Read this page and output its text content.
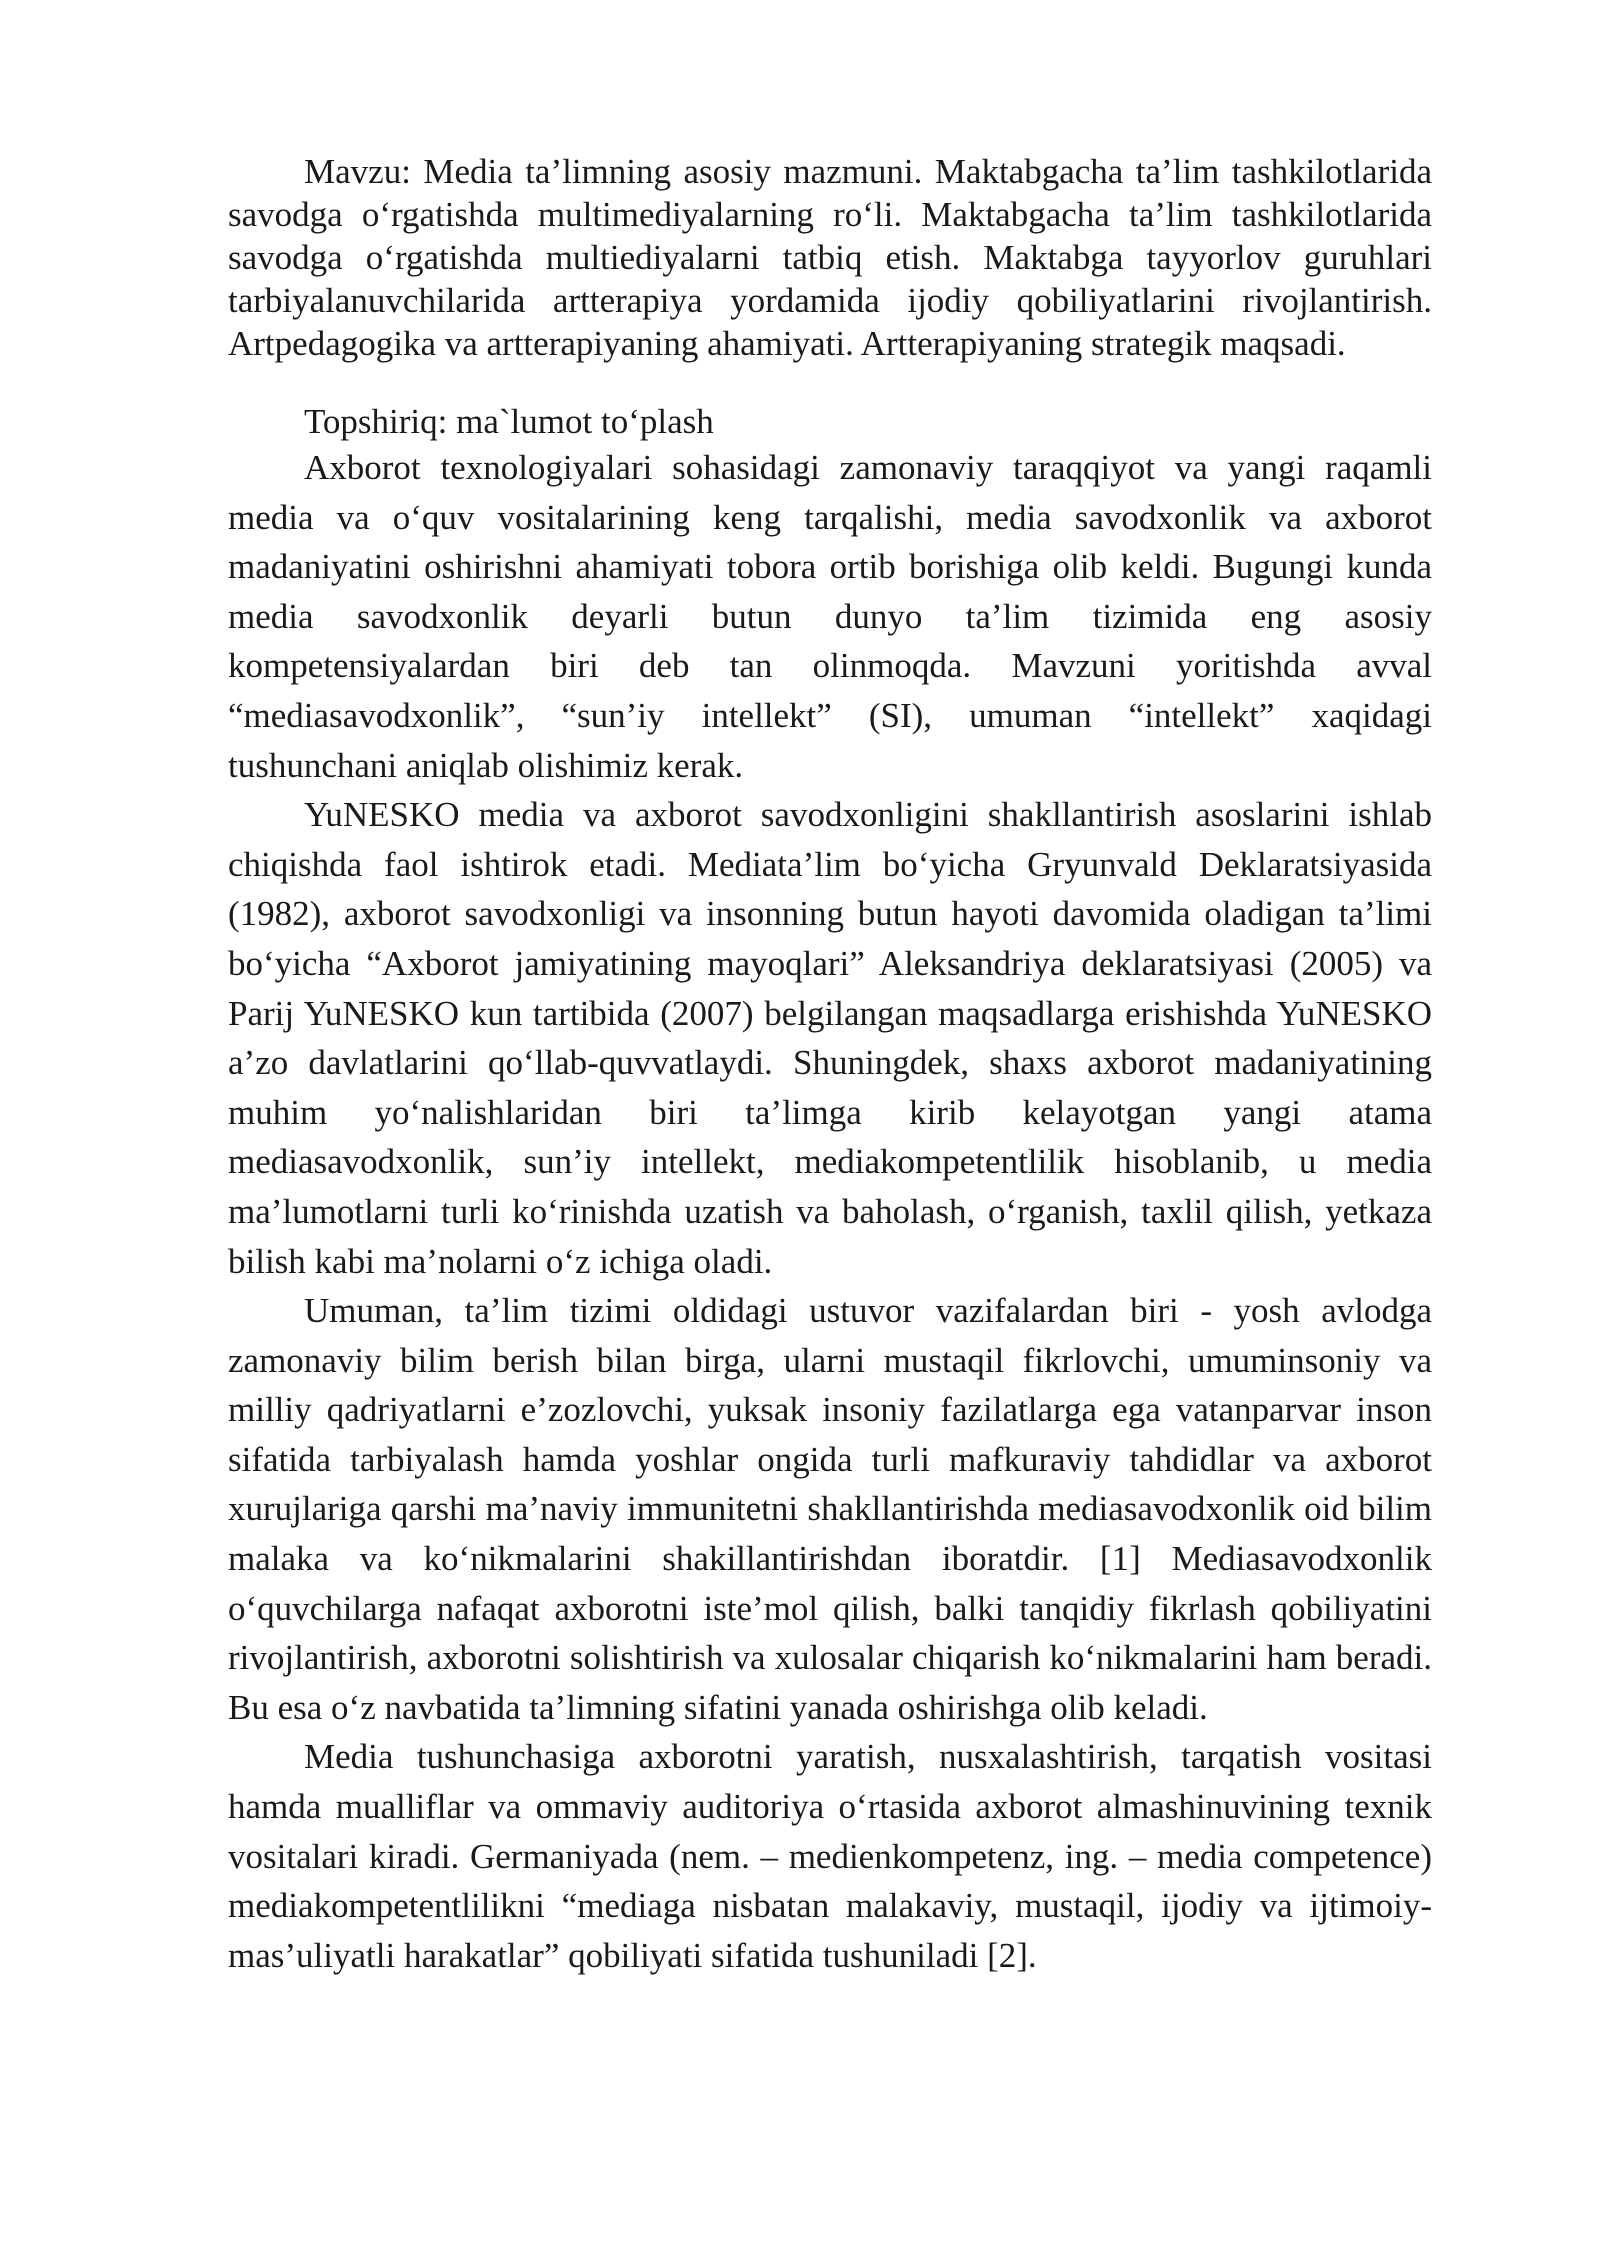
Mavzu: Media ta’limning asosiy mazmuni. Maktabgacha ta’lim tashkilotlarida savodga o‘rgatishda multimediyalarning ro‘li. Maktabgacha ta’lim tashkilotlarida savodga o‘rgatishda multiediyalarni tatbiq etish. Maktabga tayyorlov guruhlari tarbiyalanuvchilarida artterapiya yordamida ijodiy qobiliyatlarini rivojlantirish. Artpedagogika va artterapiyaning ahamiyati. Artterapiyaning strategik maqsadi.

Topshiriq: ma`lumot to‘plash

Axborot texnologiyalari sohasidagi zamonaviy taraqqiyot va yangi raqamli media va o‘quv vositalarining keng tarqalishi, media savodxonlik va axborot madaniyatini oshirishni ahamiyati tobora ortib borishiga olib keldi. Bugungi kunda media savodxonlik deyarli butun dunyo ta’lim tizimida eng asosiy kompetensiyalardan biri deb tan olinmoqda. Mavzuni yoritishda avval “mediasavodxonlik”, “sun’iy intellekt” (SI), umuman “intellekt” xaqidagi tushunchani aniqlab olishimiz kerak.

YuNESKO media va axborot savodxonligini shakllantirish asoslarini ishlab chiqishda faol ishtirok etadi. Mediata’lim bo‘yicha Gryunvald Deklaratsiyasida (1982), axborot savodxonligi va insonning butun hayoti davomida oladigan ta’limi bo‘yicha “Axborot jamiyatining mayoqlari” Aleksandriya deklaratsiyasi (2005) va Parij YuNESKO kun tartibida (2007) belgilangan maqsadlarga erishishda YuNESKO a’zo davlatlarini qo‘llab-quvvatlaydi. Shuningdek, shaxs axborot madaniyatining muhim yo‘nalishlaridan biri ta’limga kirib kelayotgan yangi atama mediasavodxonlik, sun’iy intellekt, mediakompetentlilik hisoblanib, u media ma’lumotlarni turli ko‘rinishda uzatish va baholash, o‘rganish, taxlil qilish, yetkaza bilish kabi ma’nolarni o‘z ichiga oladi.

Umuman, ta’lim tizimi oldidagi ustuvor vazifalardan biri - yosh avlodga zamonaviy bilim berish bilan birga, ularni mustaqil fikrlovchi, umuminsoniy va milliy qadriyatlarni e’zozlovchi, yuksak insoniy fazilatlarga ega vatanparvar inson sifatida tarbiyalash hamda yoshlar ongida turli mafkuraviy tahdidlar va axborot xurujlariga qarshi ma’naviy immunitetni shakllantirishda mediasavodxonlik oid bilim malaka va ko‘nikmalarini shakillantirishdan iboratdir. [1] Mediasavodxonlik o‘quvchilarga nafaqat axborotni iste’mol qilish, balki tanqidiy fikrlash qobiliyatini rivojlantirish, axborotni solishtirish va xulosalar chiqarish ko‘nikmalarini ham beradi. Bu esa o‘z navbatida ta’limning sifatini yanada oshirishga olib keladi.

Media tushunchasiga axborotni yaratish, nusxalashtirish, tarqatish vositasi hamda mualliflar va ommaviy auditoriya o‘rtasida axborot almashinuvining texnik vositalari kiradi. Germaniyada (nem. – medienkompetenz, ing. – media competence) mediakompetentlilikni “mediaga nisbatan malakaviy, mustaqil, ijodiy va ijtimoiy-mas’uliyatli harakatlar” qobiliyati sifatida tushuniladi [2].
